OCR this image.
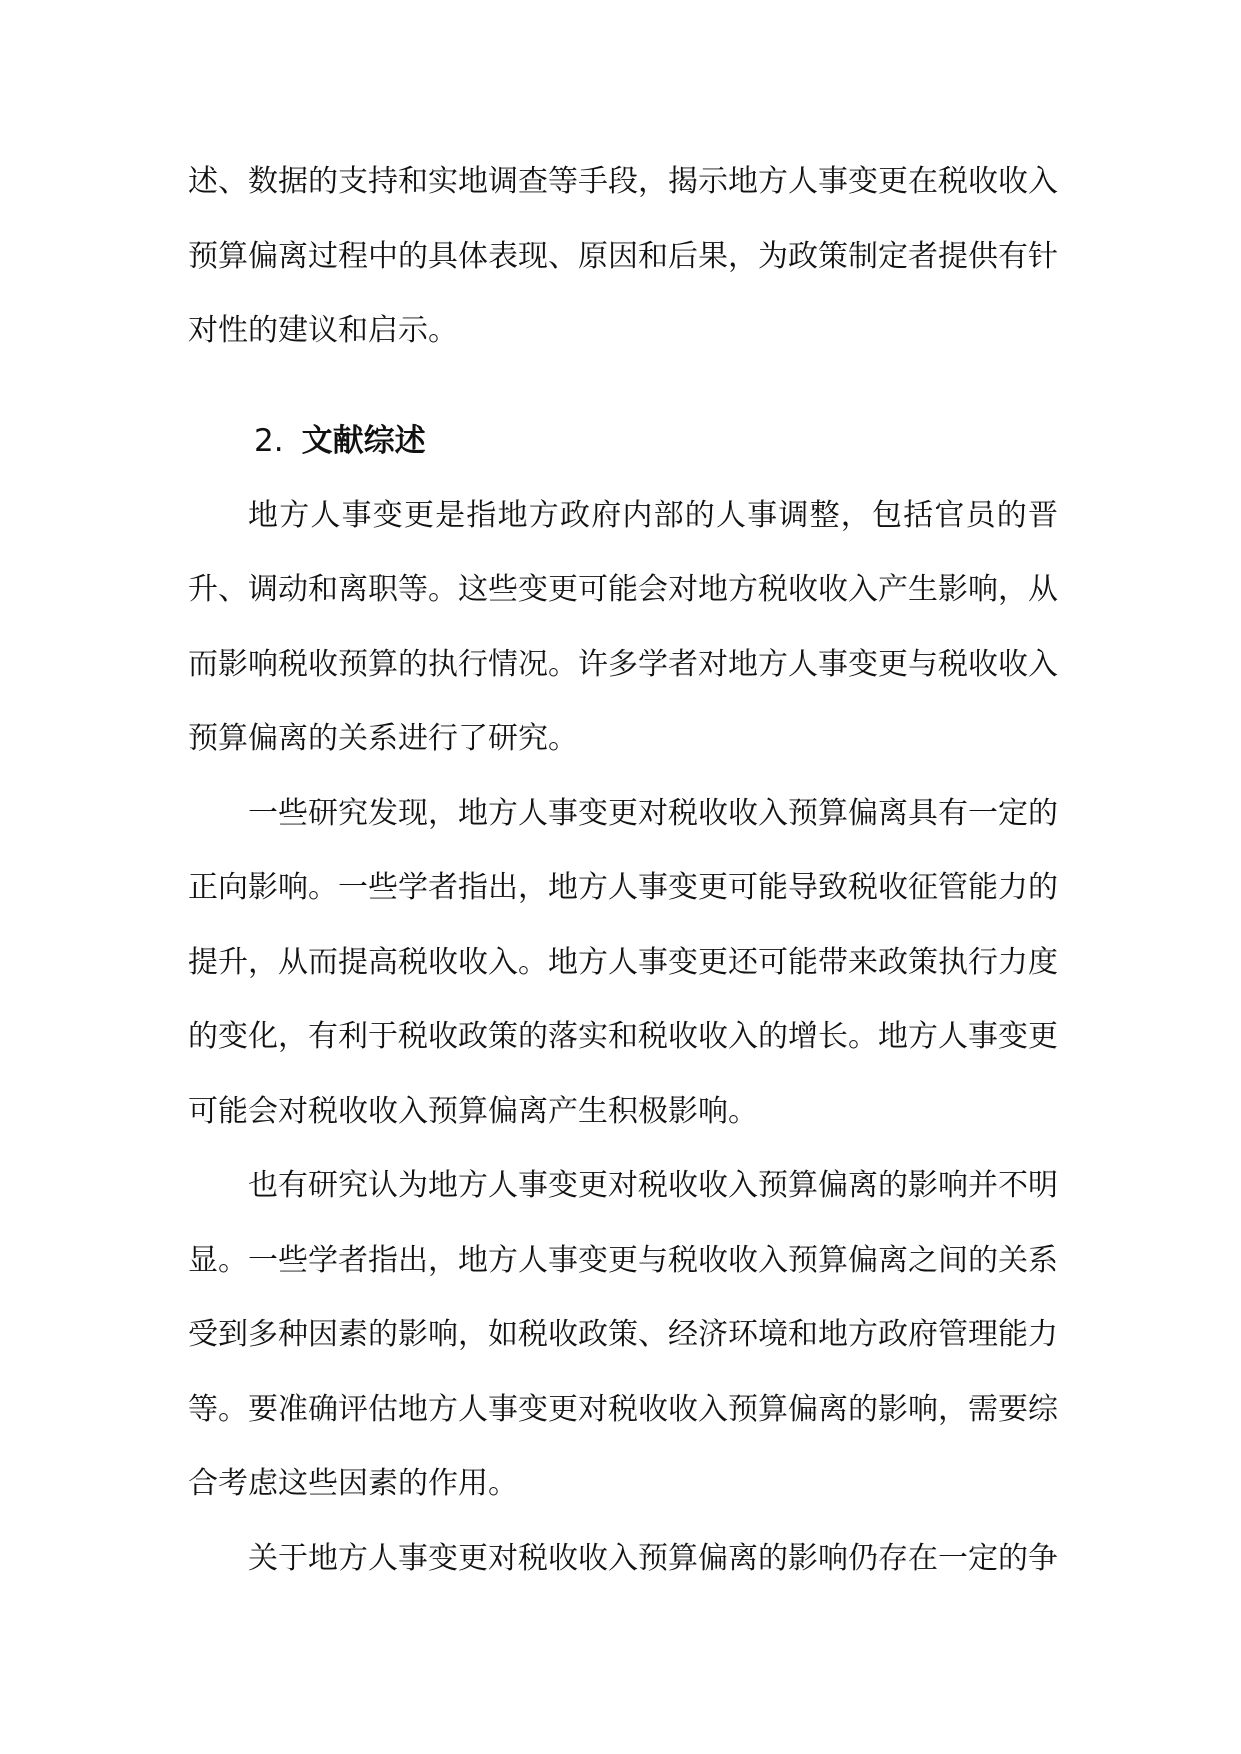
述、数据的支持和实地调查等手段，揭示地方人事变更在税收收入预算偏离过程中的具体表现、原因和后果，为政策制定者提供有针对性的建议和启示。

2. 文献综述

地方人事变更是指地方政府内部的人事调整，包括官员的晋升、调动和离职等。这些变更可能会对地方税收收入产生影响，从而影响税收预算的执行情况。许多学者对地方人事变更与税收收入预算偏离的关系进行了研究。

一些研究发现，地方人事变更对税收收入预算偏离具有一定的正向影响。一些学者指出，地方人事变更可能导致税收征管能力的提升，从而提高税收收入。地方人事变更还可能带来政策执行力度的变化，有利于税收政策的落实和税收收入的增长。地方人事变更可能会对税收收入预算偏离产生积极影响。

也有研究认为地方人事变更对税收收入预算偏离的影响并不明显。一些学者指出，地方人事变更与税收收入预算偏离之间的关系受到多种因素的影响，如税收政策、经济环境和地方政府管理能力等。要准确评估地方人事变更对税收收入预算偏离的影响，需要综合考虑这些因素的作用。

关于地方人事变更对税收收入预算偏离的影响仍存在一定的争
